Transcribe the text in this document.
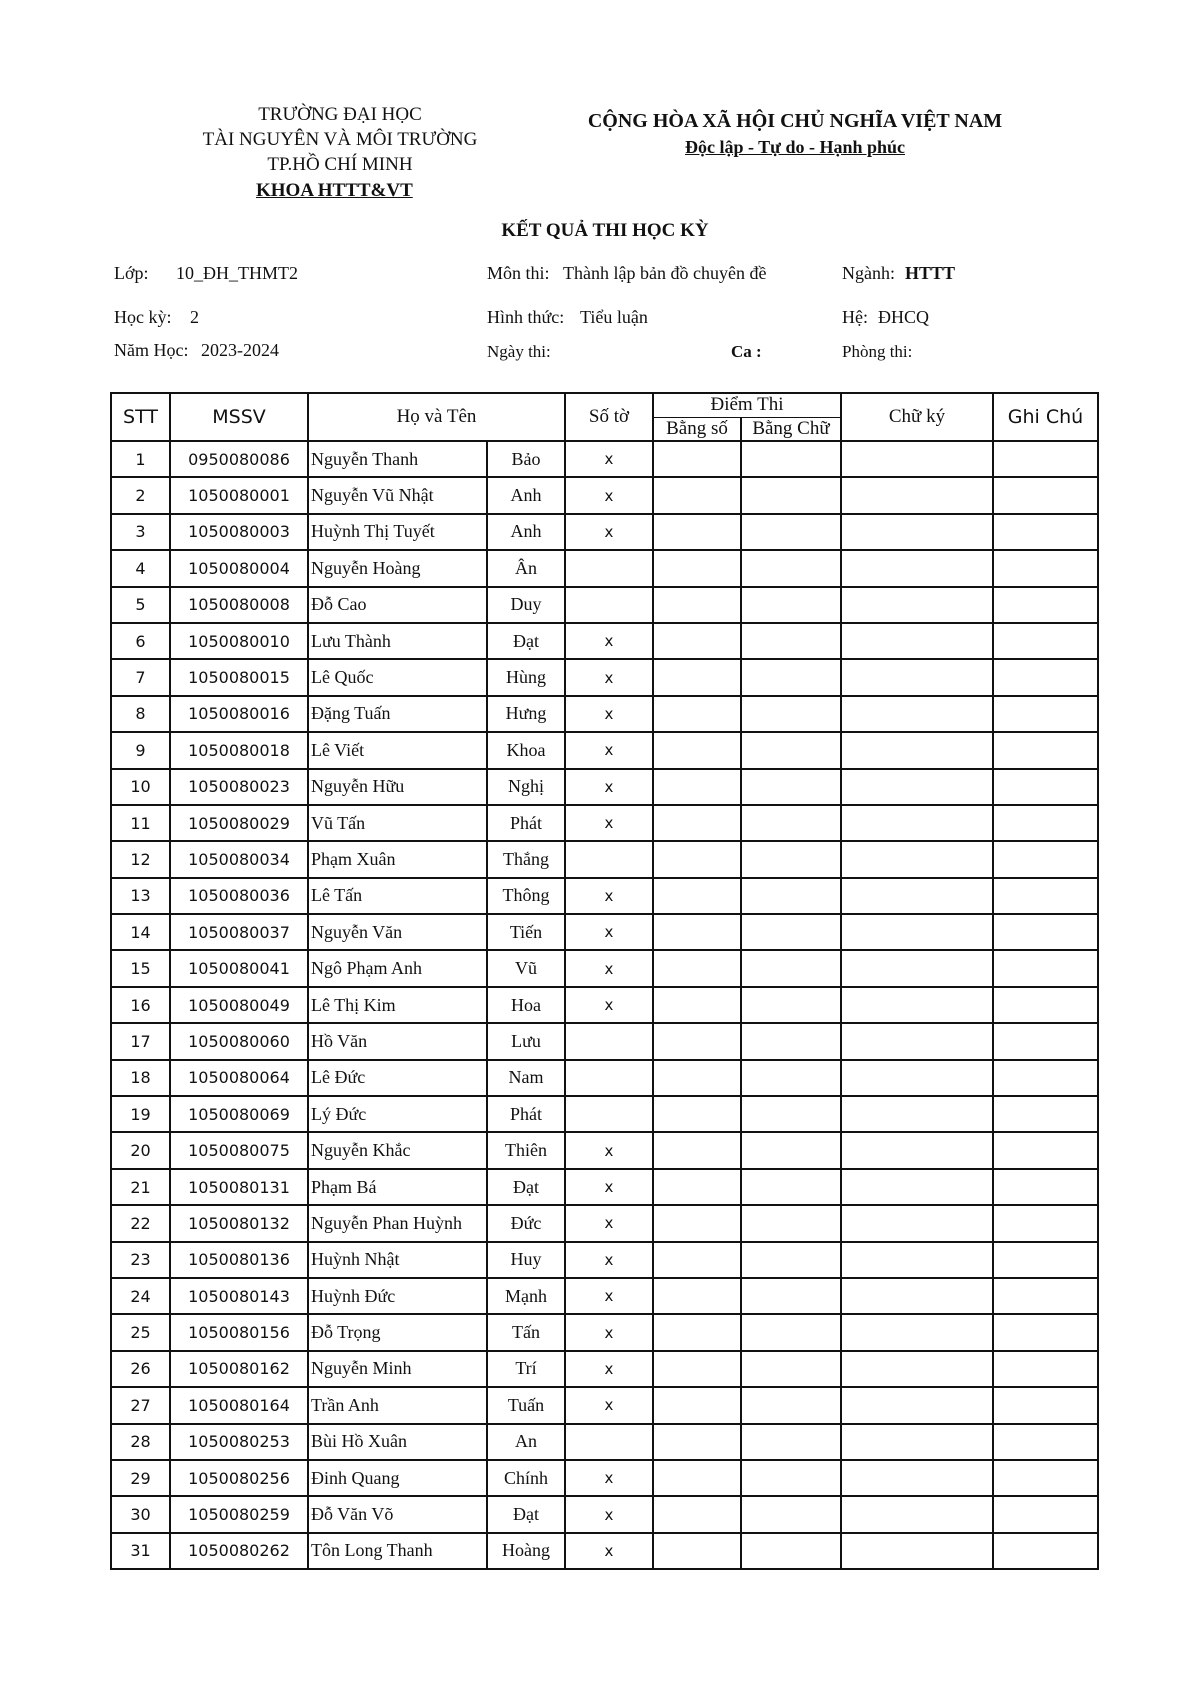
TRƯỜNG ĐẠI HỌC
TÀI NGUYÊN VÀ MÔI TRƯỜNG
TP.HỒ CHÍ MINH
KHOA HTTT&VT
CỘNG HÒA XÃ HỘI CHỦ NGHĨA VIỆT NAM
Độc lập - Tự do - Hạnh phúc
KẾT QUẢ THI HỌC KỲ
Lớp: 10_ĐH_THMT2	Môn thi: Thành lập bản đồ chuyên đề	Ngành: HTTT
Học kỳ: 2	Hình thức: Tiểu luận	Hệ: ĐHCQ
Năm Học: 2023-2024	Ngày thi:	Ca :	Phòng thi:
STT	MSSV	Họ và Tên		Số tờ	Điểm Thi		Chữ ký	Ghi Chú
					Bằng số	Bằng Chữ		
1	0950080086	Nguyễn Thanh	Bảo	x				
2	1050080001	Nguyễn Vũ Nhật	Anh	x				
3	1050080003	Huỳnh Thị Tuyết	Anh	x				
4	1050080004	Nguyễn Hoàng	Ân					
5	1050080008	Đỗ Cao	Duy					
6	1050080010	Lưu Thành	Đạt	x				
7	1050080015	Lê Quốc	Hùng	x				
8	1050080016	Đặng Tuấn	Hưng	x				
9	1050080018	Lê Viết	Khoa	x				
10	1050080023	Nguyễn Hữu	Nghị	x				
11	1050080029	Vũ Tấn	Phát	x				
12	1050080034	Phạm Xuân	Thắng					
13	1050080036	Lê Tấn	Thông	x				
14	1050080037	Nguyễn Văn	Tiến	x				
15	1050080041	Ngô Phạm Anh	Vũ	x				
16	1050080049	Lê Thị Kim	Hoa	x				
17	1050080060	Hồ Văn	Lưu					
18	1050080064	Lê Đức	Nam					
19	1050080069	Lý Đức	Phát					
20	1050080075	Nguyễn Khắc	Thiên	x				
21	1050080131	Phạm Bá	Đạt	x				
22	1050080132	Nguyễn Phan Huỳnh	Đức	x				
23	1050080136	Huỳnh Nhật	Huy	x				
24	1050080143	Huỳnh Đức	Mạnh	x				
25	1050080156	Đỗ Trọng	Tấn	x				
26	1050080162	Nguyễn Minh	Trí	x				
27	1050080164	Trần Anh	Tuấn	x				
28	1050080253	Bùi Hồ Xuân	An					
29	1050080256	Đinh Quang	Chính	x				
30	1050080259	Đỗ Văn Võ	Đạt	x				
31	1050080262	Tôn Long Thanh	Hoàng	x				
